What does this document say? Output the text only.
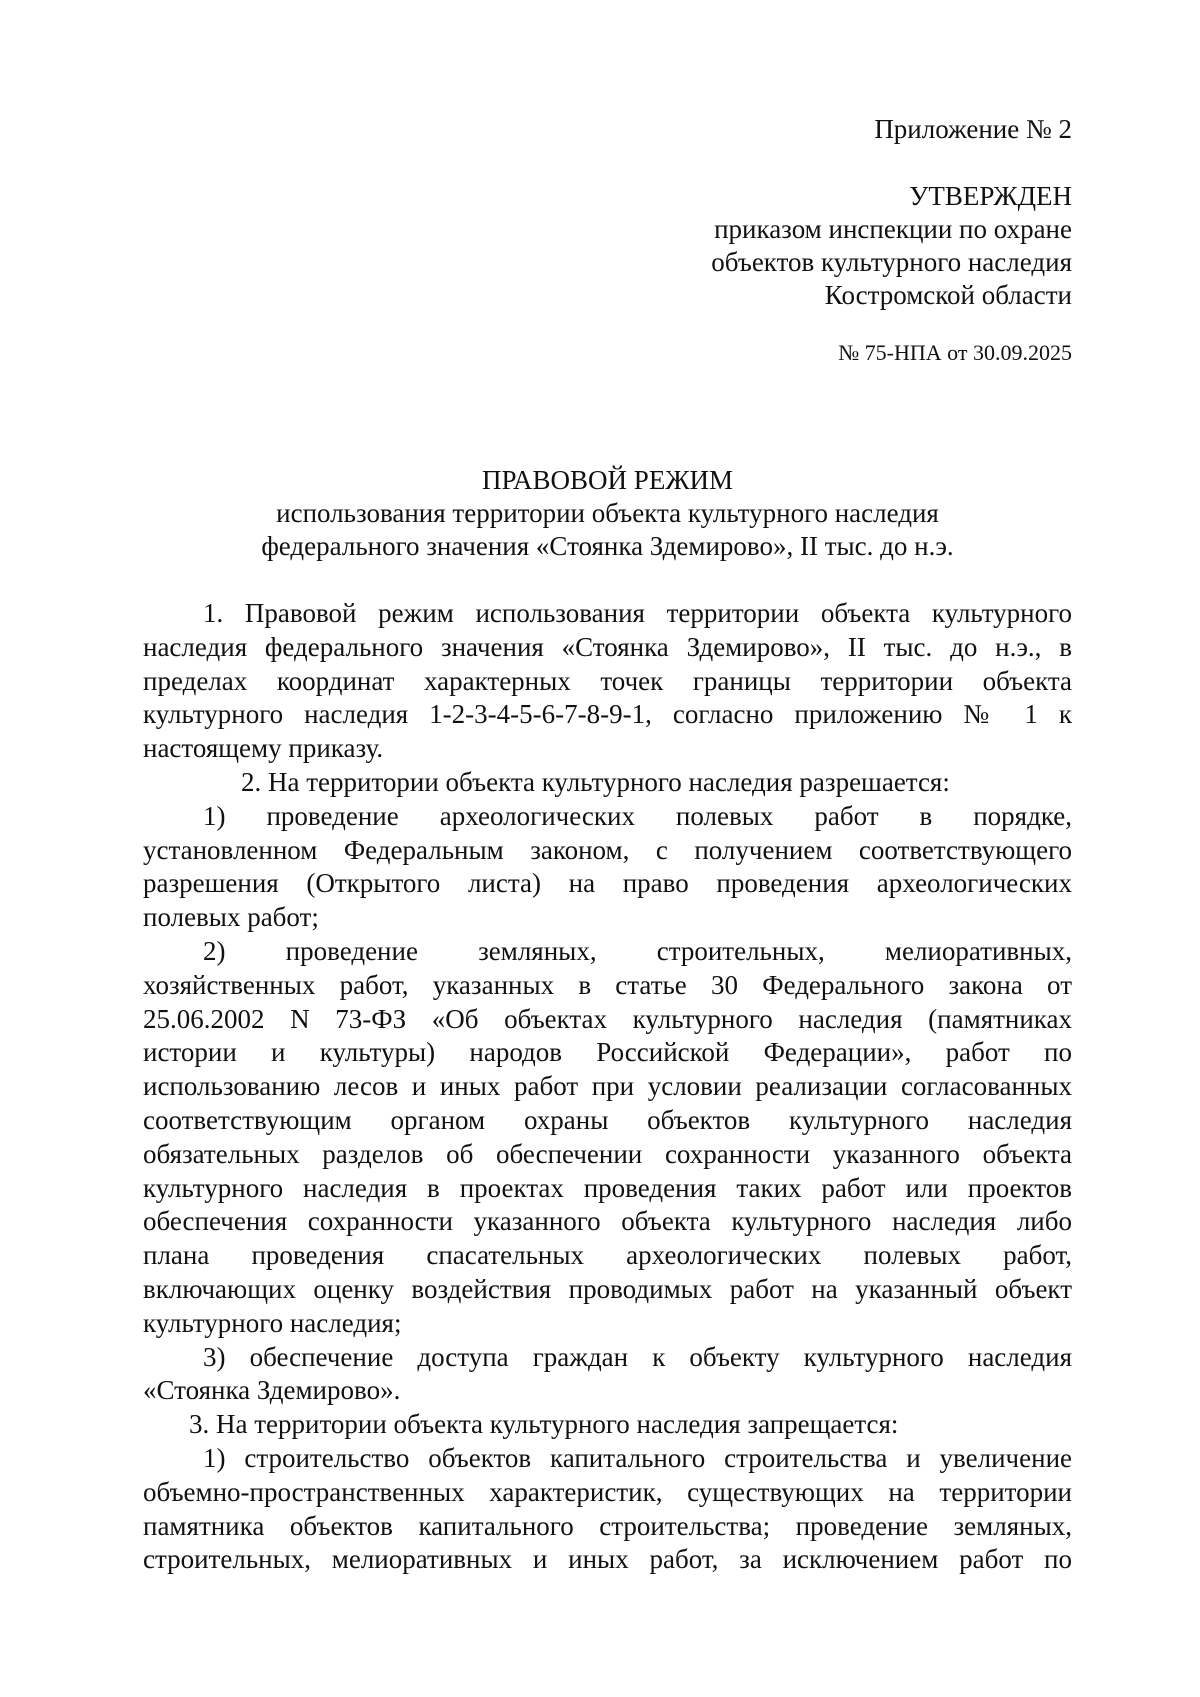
Приложение № 2
УТВЕРЖДЕН
приказом инспекции по охране
объектов культурного наследия
Костромской области
№ 75-НПА от 30.09.2025
ПРАВОВОЙ РЕЖИМ
использования территории объекта культурного наследия
федерального значения «Стоянка Здемирово», II тыс. до н.э.
1. Правовой режим использования территории объекта культурного
наследия федерального значения «Стоянка Здемирово», II тыс. до н.э., в
пределах координат характерных точек границы территории объекта
культурного наследия 1-2-3-4-5-6-7-8-9-1, согласно приложению № 1 к
настоящему приказу.
2. На территории объекта культурного наследия разрешается:
1) проведение археологических полевых работ в порядке,
установленном Федеральным законом, с получением соответствующего
разрешения (Открытого листа) на право проведения археологических
полевых работ;
2) проведение земляных, строительных, мелиоративных,
хозяйственных работ, указанных в статье 30 Федерального закона от
25.06.2002 N 73-ФЗ «Об объектах культурного наследия (памятниках
истории и культуры) народов Российской Федерации», работ по
использованию лесов и иных работ при условии реализации согласованных
соответствующим органом охраны объектов культурного наследия
обязательных разделов об обеспечении сохранности указанного объекта
культурного наследия в проектах проведения таких работ или проектов
обеспечения сохранности указанного объекта культурного наследия либо
плана проведения спасательных археологических полевых работ,
включающих оценку воздействия проводимых работ на указанный объект
культурного наследия;
3) обеспечение доступа граждан к объекту культурного наследия
«Стоянка Здемирово».
3. На территории объекта культурного наследия запрещается:
1) строительство объектов капитального строительства и увеличение
объемно-пространственных характеристик, существующих на территории
памятника объектов капитального строительства; проведение земляных,
строительных, мелиоративных и иных работ, за исключением работ по
